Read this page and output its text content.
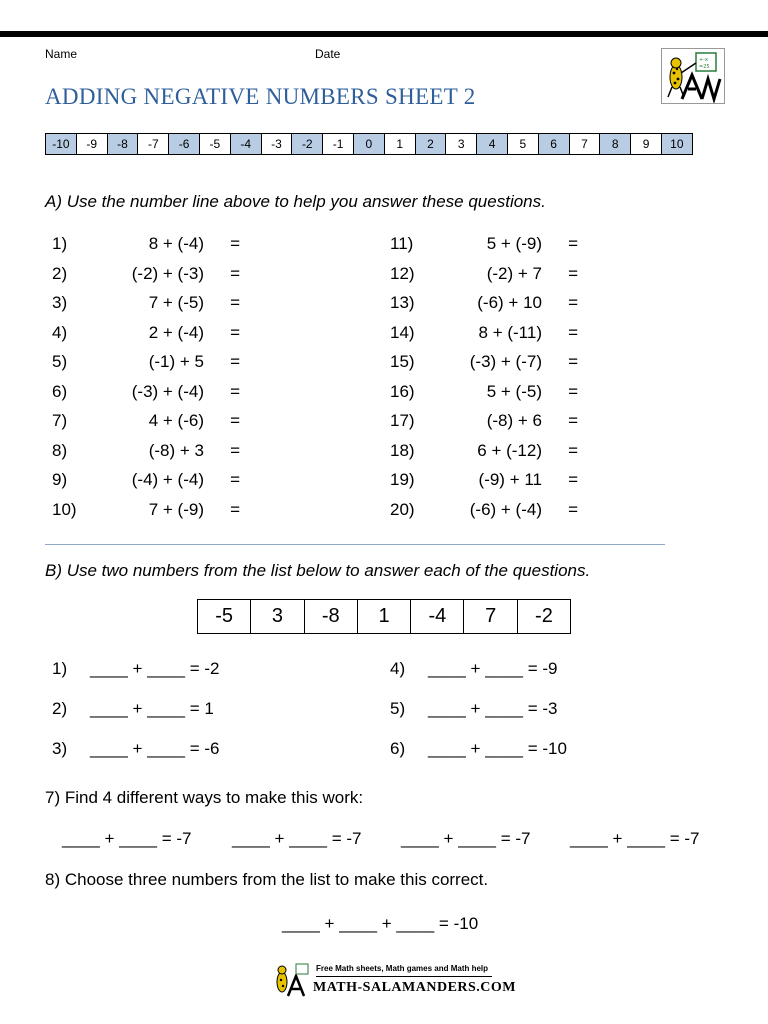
Name	Date
ADDING NEGATIVE NUMBERS SHEET 2
+-x
=25
-10	-9	-8	-7	-6	-5	-4	-3	-2	-1	0	1	2	3	4	5	6	7	8	9	10
A) Use the number line above to help you answer these questions.
1)	8 + (-4) =
2)	(-2) + (-3) =
3)	7 + (-5) =
4)	2 + (-4) =
5)	(-1) + 5 =
6)	(-3) + (-4) =
7)	4 + (-6) =
8)	(-8) + 3 =
9)	(-4) + (-4) =
10)	7 + (-9) =
11)	5 + (-9) =
12)	(-2) + 7 =
13)	(-6) + 10 =
14)	8 + (-11) =
15)	(-3) + (-7) =
16)	5 + (-5) =
17)	(-8) + 6 =
18)	6 + (-12) =
19)	(-9) + 11 =
20)	(-6) + (-4) =
B) Use two numbers from the list below to answer each of the questions.
-5	3	-8	1	-4	7	-2
1) ____ + ____ = -2
2) ____ + ____ = 1
3) ____ + ____ = -6
4) ____ + ____ = -9
5) ____ + ____ = -3
6) ____ + ____ = -10
7) Find 4 different ways to make this work:
____ + ____ = -7 ____ + ____ = -7 ____ + ____ = -7 ____ + ____ = -7
8) Choose three numbers from the list to make this correct.
____ + ____ + ____ = -10
Free Math sheets, Math games and Math help
MATH-SALAMANDERS.COM
